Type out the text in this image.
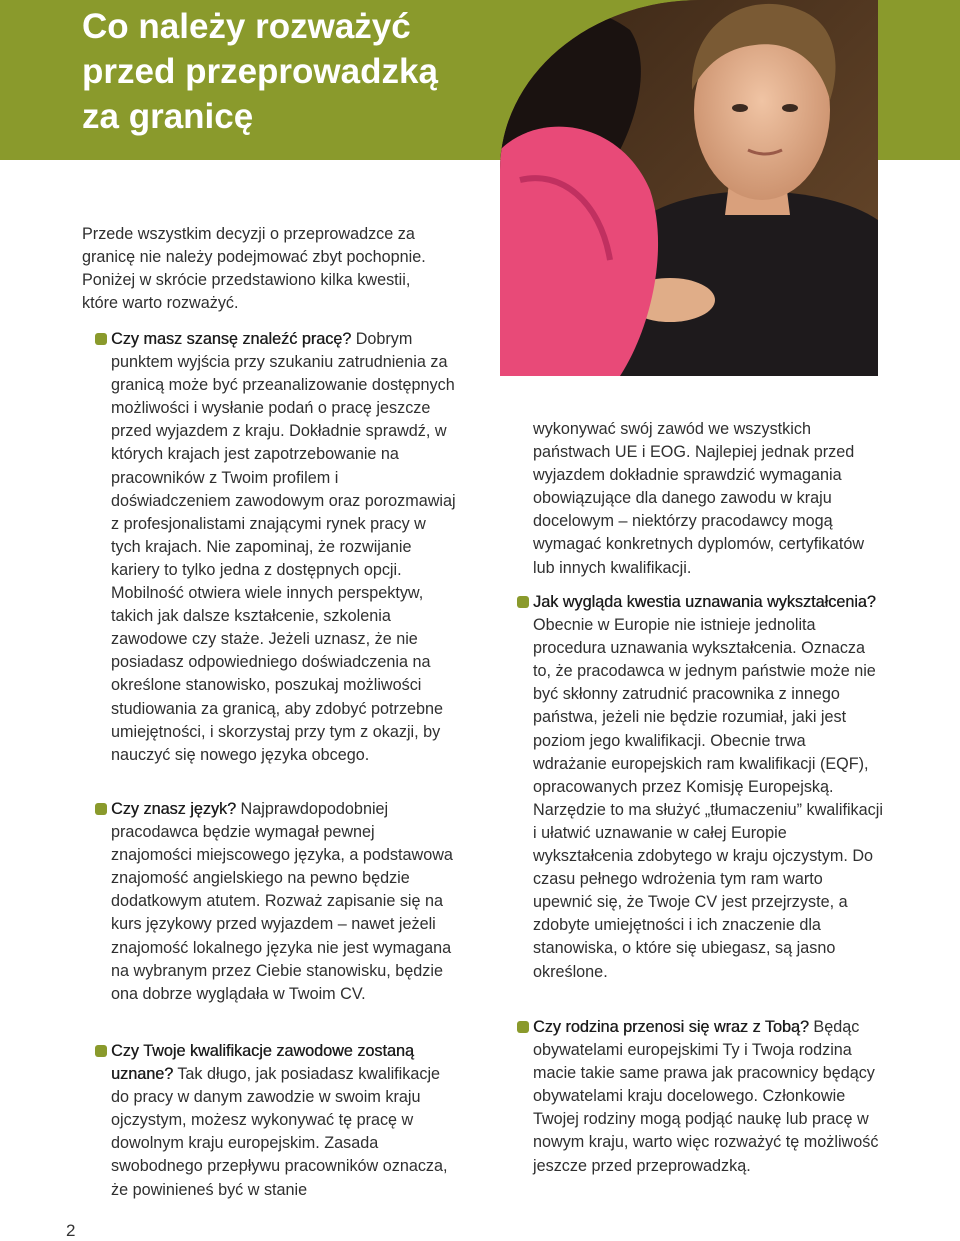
Co należy rozważyć
przed przeprowadzką
za granicę

Przede wszystkim decyzji o przeprowadzce za granicę nie należy podejmować zbyt pochopnie. Poniżej w skrócie przedstawiono kilka kwestii, które warto rozważyć.

Czy masz szansę znaleźć pracę? Dobrym punktem wyjścia przy szukaniu zatrudnienia za granicą może być przeanalizowanie dostępnych możliwości i wysłanie podań o pracę jeszcze przed wyjazdem z kraju. Dokładnie sprawdź, w których krajach jest zapotrzebowanie na pracowników z Twoim profilem i doświadczeniem zawodowym oraz porozmawiaj z profesjonalistami znającymi rynek pracy w tych krajach. Nie zapominaj, że rozwijanie kariery to tylko jedna z dostępnych opcji. Mobilność otwiera wiele innych perspektyw, takich jak dalsze kształcenie, szkolenia zawodowe czy staże. Jeżeli uznasz, że nie posiadasz odpowiedniego doświadczenia na określone stanowisko, poszukaj możliwości studiowania za granicą, aby zdobyć potrzebne umiejętności, i skorzystaj przy tym z okazji, by nauczyć się nowego języka obcego.

Czy znasz język? Najprawdopodobniej pracodawca będzie wymagał pewnej znajomości miejscowego języka, a podstawowa znajomość angielskiego na pewno będzie dodatkowym atutem. Rozważ zapisanie się na kurs językowy przed wyjazdem – nawet jeżeli znajomość lokalnego języka nie jest wymagana na wybranym przez Ciebie stanowisku, będzie ona dobrze wyglądała w Twoim CV.

Czy Twoje kwalifikacje zawodowe zostaną uznane? Tak długo, jak posiadasz kwalifikacje do pracy w danym zawodzie w swoim kraju ojczystym, możesz wykonywać tę pracę w dowolnym kraju europejskim. Zasada swobodnego przepływu pracowników oznacza, że powinieneś być w stanie

wykonywać swój zawód we wszystkich państwach UE i EOG. Najlepiej jednak przed wyjazdem dokładnie sprawdzić wymagania obowiązujące dla danego zawodu w kraju docelowym – niektórzy pracodawcy mogą wymagać konkretnych dyplomów, certyfikatów lub innych kwalifikacji.

Jak wygląda kwestia uznawania wykształcenia? Obecnie w Europie nie istnieje jednolita procedura uznawania wykształcenia. Oznacza to, że pracodawca w jednym państwie może nie być skłonny zatrudnić pracownika z innego państwa, jeżeli nie będzie rozumiał, jaki jest poziom jego kwalifikacji. Obecnie trwa wdrażanie europejskich ram kwalifikacji (EQF), opracowanych przez Komisję Europejską. Narzędzie to ma służyć „tłumaczeniu” kwalifikacji i ułatwić uznawanie w całej Europie wykształcenia zdobytego w kraju ojczystym. Do czasu pełnego wdrożenia tym ram warto upewnić się, że Twoje CV jest przejrzyste, a zdobyte umiejętności i ich znaczenie dla stanowiska, o które się ubiegasz, są jasno określone.

Czy rodzina przenosi się wraz z Tobą? Będąc obywatelami europejskimi Ty i Twoja rodzina macie takie same prawa jak pracownicy będący obywatelami kraju docelowego. Członkowie Twojej rodziny mogą podjąć naukę lub pracę w nowym kraju, warto więc rozważyć tę możliwość jeszcze przed przeprowadzką.

2
